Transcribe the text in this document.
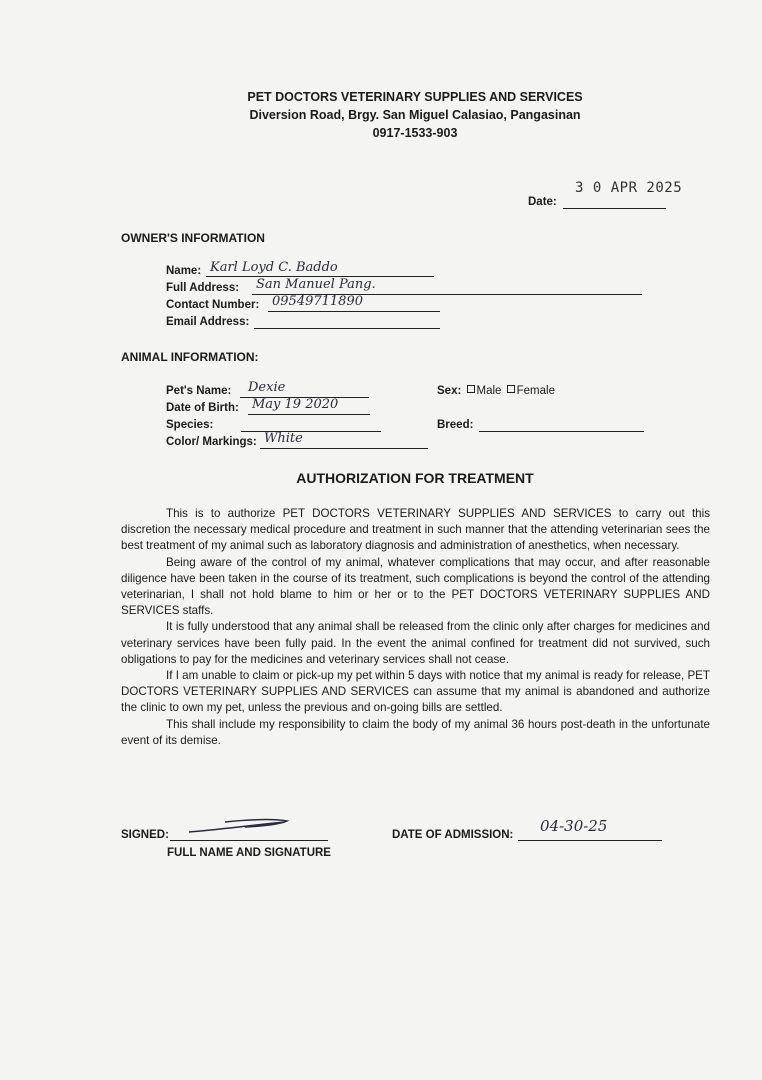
PET DOCTORS VETERINARY SUPPLIES AND SERVICES
Diversion Road, Brgy. San Miguel Calasiao, Pangasinan
0917-1533-903
3 0 APR 2025
Date:
OWNER'S INFORMATION
Name: Karl Loyd C. Baddo
Full Address: San Manuel Pang.
Contact Number: 09549711890
Email Address:
ANIMAL INFORMATION:
Pet's Name: Dexie
Date of Birth: May 19 2020
Species:
Color/ Markings: White
Sex: Male Female
Breed:
AUTHORIZATION FOR TREATMENT

This is to authorize PET DOCTORS VETERINARY SUPPLIES AND SERVICES to carry out this discretion the necessary medical procedure and treatment in such manner that the attending veterinarian sees the best treatment of my animal such as laboratory diagnosis and administration of anesthetics, when necessary.

Being aware of the control of my animal, whatever complications that may occur, and after reasonable diligence have been taken in the course of its treatment, such complications is beyond the control of the attending veterinarian, I shall not hold blame to him or her or to the PET DOCTORS VETERINARY SUPPLIES AND SERVICES staffs.

It is fully understood that any animal shall be released from the clinic only after charges for medicines and veterinary services have been fully paid. In the event the animal confined for treatment did not survived, such obligations to pay for the medicines and veterinary services shall not cease.

If I am unable to claim or pick-up my pet within 5 days with notice that my animal is ready for release, PET DOCTORS VETERINARY SUPPLIES AND SERVICES can assume that my animal is abandoned and authorize the clinic to own my pet, unless the previous and on-going bills are settled.

This shall include my responsibility to claim the body of my animal 36 hours post-death in the unfortunate event of its demise.

SIGNED:
FULL NAME AND SIGNATURE
DATE OF ADMISSION: 04-30-25
